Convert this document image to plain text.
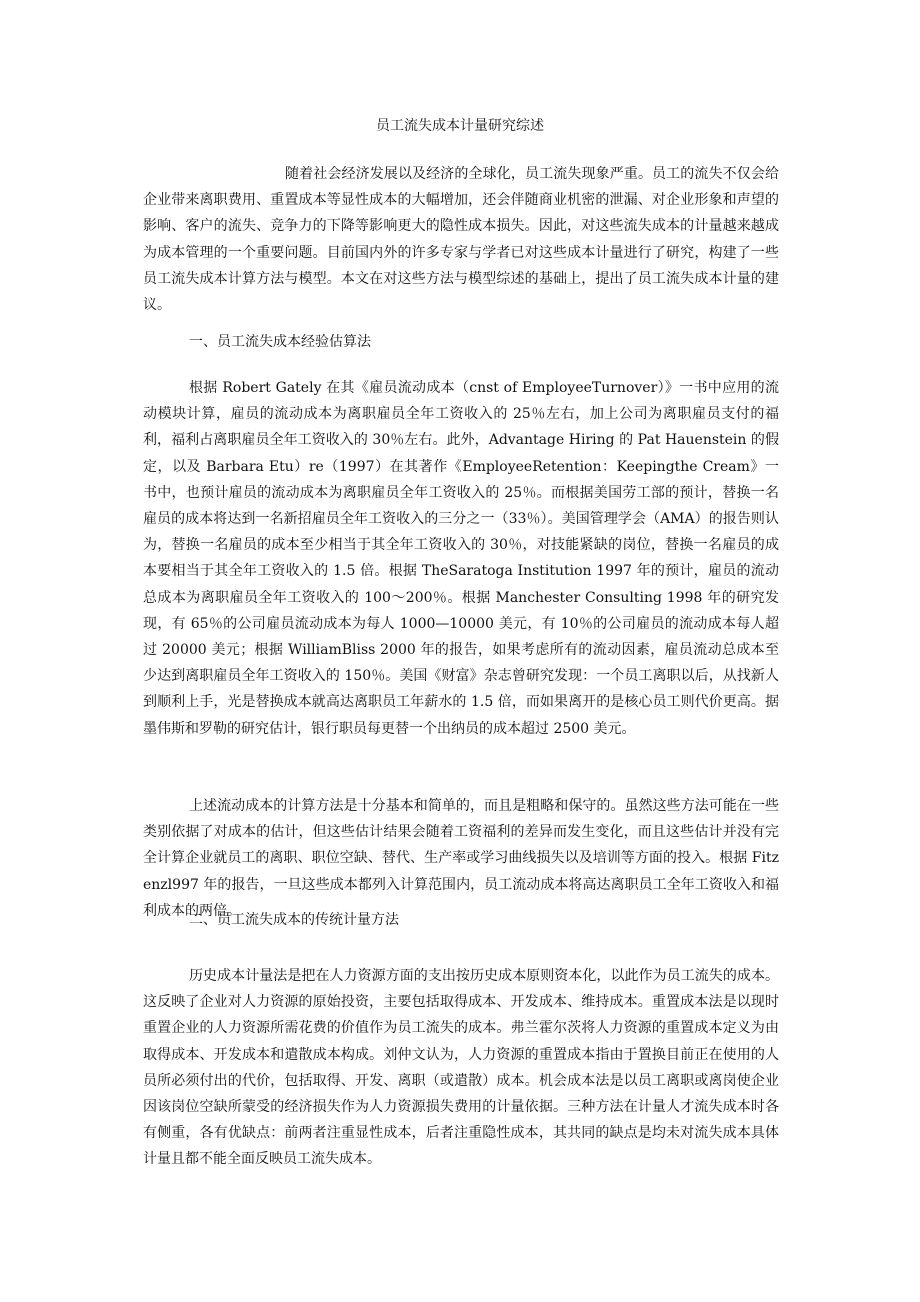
员工流失成本计量研究综述

随着社会经济发展以及经济的全球化，员工流失现象严重。员工的流失不仅会给企业带来离职费用、重置成本等显性成本的大幅增加，还会伴随商业机密的泄漏、对企业形象和声望的影响、客户的流失、竞争力的下降等影响更大的隐性成本损失。因此，对这些流失成本的计量越来越成为成本管理的一个重要问题。目前国内外的许多专家与学者已对这些成本计量进行了研究，构建了一些员工流失成本计算方法与模型。本文在对这些方法与模型综述的基础上，提出了员工流失成本计量的建议。

一、员工流失成本经验估算法

根据 Robert Gately 在其《雇员流动成本（cnst of EmployeeTurnover）》一书中应用的流动模块计算，雇员的流动成本为离职雇员全年工资收入的 25％左右，加上公司为离职雇员支付的福利，福利占离职雇员全年工资收入的 30％左右。此外，Advantage Hiring 的 Pat Hauenstein 的假定，以及 Barbara Etu）re（1997）在其著作《EmployeeRetention：Keepingthe Cream》一书中，也预计雇员的流动成本为离职雇员全年工资收入的 25％。而根据美国劳工部的预计，替换一名雇员的成本将达到一名新招雇员全年工资收入的三分之一（33％）。美国管理学会（AMA）的报告则认为，替换一名雇员的成本至少相当于其全年工资收入的 30％，对技能紧缺的岗位，替换一名雇员的成本要相当于其全年工资收入的 1.5 倍。根据 TheSaratoga Institution 1997 年的预计，雇员的流动总成本为离职雇员全年工资收入的 100～200％。根据 Manchester Consulting 1998 年的研究发现，有 65％的公司雇员流动成本为每人 1000—10000 美元，有 10％的公司雇员的流动成本每人超过 20000 美元；根据 WilliamBliss 2000 年的报告，如果考虑所有的流动因素，雇员流动总成本至少达到离职雇员全年工资收入的 150％。美国《财富》杂志曾研究发现：一个员工离职以后，从找新人到顺利上手，光是替换成本就高达离职员工年薪水的 1.5 倍，而如果离开的是核心员工则代价更高。据墨伟斯和罗勒的研究估计，银行职员每更替一个出纳员的成本超过 2500 美元。

上述流动成本的计算方法是十分基本和简单的，而且是粗略和保守的。虽然这些方法可能在一些类别依据了对成本的估计，但这些估计结果会随着工资福利的差异而发生变化，而且这些估计并没有完全计算企业就员工的离职、职位空缺、替代、生产率或学习曲线损失以及培训等方面的投入。根据 Fitzenzl997 年的报告，一旦这些成本都列入计算范围内，员工流动成本将高达离职员工全年工资收入和福利成本的两倍。

二、员工流失成本的传统计量方法

历史成本计量法是把在人力资源方面的支出按历史成本原则资本化，以此作为员工流失的成本。这反映了企业对人力资源的原始投资，主要包括取得成本、开发成本、维持成本。重置成本法是以现时重置企业的人力资源所需花费的价值作为员工流失的成本。弗兰霍尔茨将人力资源的重置成本定义为由取得成本、开发成本和遣散成本构成。刘仲文认为，人力资源的重置成本指由于置换目前正在使用的人员所必须付出的代价，包括取得、开发、离职（或遣散）成本。机会成本法是以员工离职或离岗使企业因该岗位空缺所蒙受的经济损失作为人力资源损失费用的计量依据。三种方法在计量人才流失成本时各有侧重，各有优缺点：前两者注重显性成本，后者注重隐性成本，其共同的缺点是均未对流失成本具体计量且都不能全面反映员工流失成本。
